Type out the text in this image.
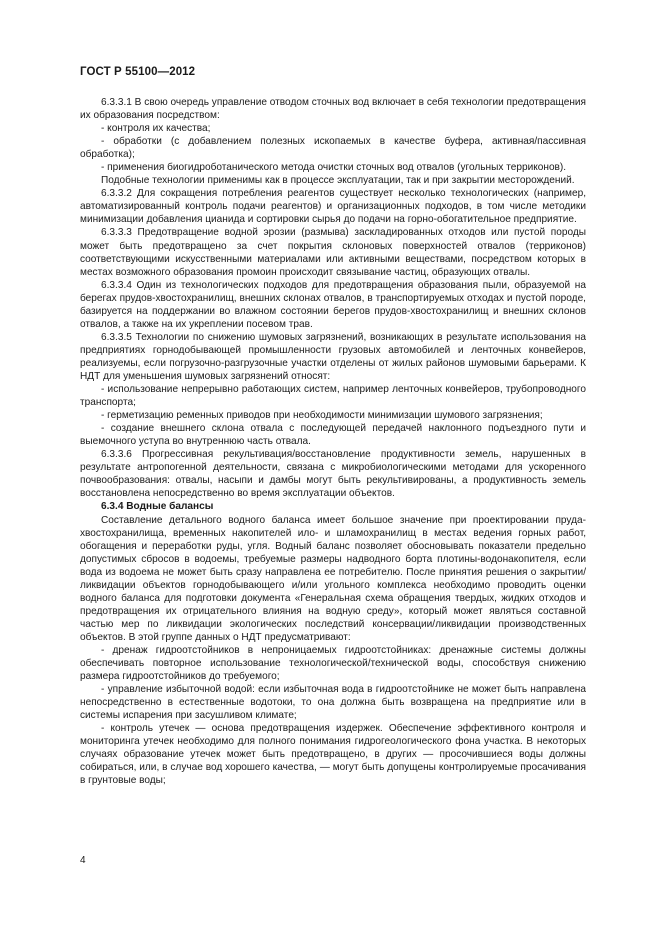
ГОСТ Р 55100—2012

6.3.3.1 В свою очередь управление отводом сточных вод включает в себя технологии предотвращения их образования посредством:

- контроля их качества;

- обработки (с добавлением полезных ископаемых в качестве буфера, активная/пассивная обработка);

- применения биогидроботанического метода очистки сточных вод отвалов (угольных терриконов).

Подобные технологии применимы как в процессе эксплуатации, так и при закрытии месторождений.

6.3.3.2 Для сокращения потребления реагентов существует несколько технологических (например, автоматизированный контроль подачи реагентов) и организационных подходов, в том числе методики минимизации добавления цианида и сортировки сырья до подачи на горно-обогатительное предприятие.

6.3.3.3 Предотвращение водной эрозии (размыва) заскладированных отходов или пустой породы может быть предотвращено за счет покрытия склоновых поверхностей отвалов (терриконов) соответствующими искусственными материалами или активными веществами, посредством которых в местах возможного образования промоин происходит связывание частиц, образующих отвалы.

6.3.3.4 Один из технологических подходов для предотвращения образования пыли, образуемой на берегах прудов-хвостохранилищ, внешних склонах отвалов, в транспортируемых отходах и пустой породе, базируется на поддержании во влажном состоянии берегов прудов-хвостохранилищ и внешних склонов отвалов, а также на их укреплении посевом трав.

6.3.3.5 Технологии по снижению шумовых загрязнений, возникающих в результате использования на предприятиях горнодобывающей промышленности грузовых автомобилей и ленточных конвейеров, реализуемы, если погрузочно-разгрузочные участки отделены от жилых районов шумовыми барьерами. К НДТ для уменьшения шумовых загрязнений относят:

- использование непрерывно работающих систем, например ленточных конвейеров, трубопроводного транспорта;

- герметизацию ременных приводов при необходимости минимизации шумового загрязнения;

- создание внешнего склона отвала с последующей передачей наклонного подъездного пути и выемочного уступа во внутреннюю часть отвала.

6.3.3.6 Прогрессивная рекультивация/восстановление продуктивности земель, нарушенных в результате антропогенной деятельности, связана с микробиологическими методами для ускоренного почвообразования: отвалы, насыпи и дамбы могут быть рекультивированы, а продуктивность земель восстановлена непосредственно во время эксплуатации объектов.

6.3.4 Водные балансы

Составление детального водного баланса имеет большое значение при проектировании пруда-хвостохранилища, временных накопителей ило- и шламохранилищ в местах ведения горных работ, обогащения и переработки руды, угля. Водный баланс позволяет обосновывать показатели предельно допустимых сбросов в водоемы, требуемые размеры надводного борта плотины-водонакопителя, если вода из водоема не может быть сразу направлена ее потребителю. После принятия решения о закрытии/ликвидации объектов горнодобывающего и/или угольного комплекса необходимо проводить оценки водного баланса для подготовки документа «Генеральная схема обращения твердых, жидких отходов и предотвращения их отрицательного влияния на водную среду», который может являться составной частью мер по ликвидации экологических последствий консервации/ликвидации производственных объектов. В этой группе данных о НДТ предусматривают:

- дренаж гидроотстойников в непроницаемых гидроотстойниках: дренажные системы должны обеспечивать повторное использование технологической/технической воды, способствуя снижению размера гидроотстойников до требуемого;

- управление избыточной водой: если избыточная вода в гидроотстойнике не может быть направлена непосредственно в естественные водотоки, то она должна быть возвращена на предприятие или в системы испарения при засушливом климате;

- контроль утечек — основа предотвращения издержек. Обеспечение эффективного контроля и мониторинга утечек необходимо для полного понимания гидрогеологического фона участка. В некоторых случаях образование утечек может быть предотвращено, в других — просочившиеся воды должны собираться, или, в случае вод хорошего качества, — могут быть допущены контролируемые просачивания в грунтовые воды;

4
